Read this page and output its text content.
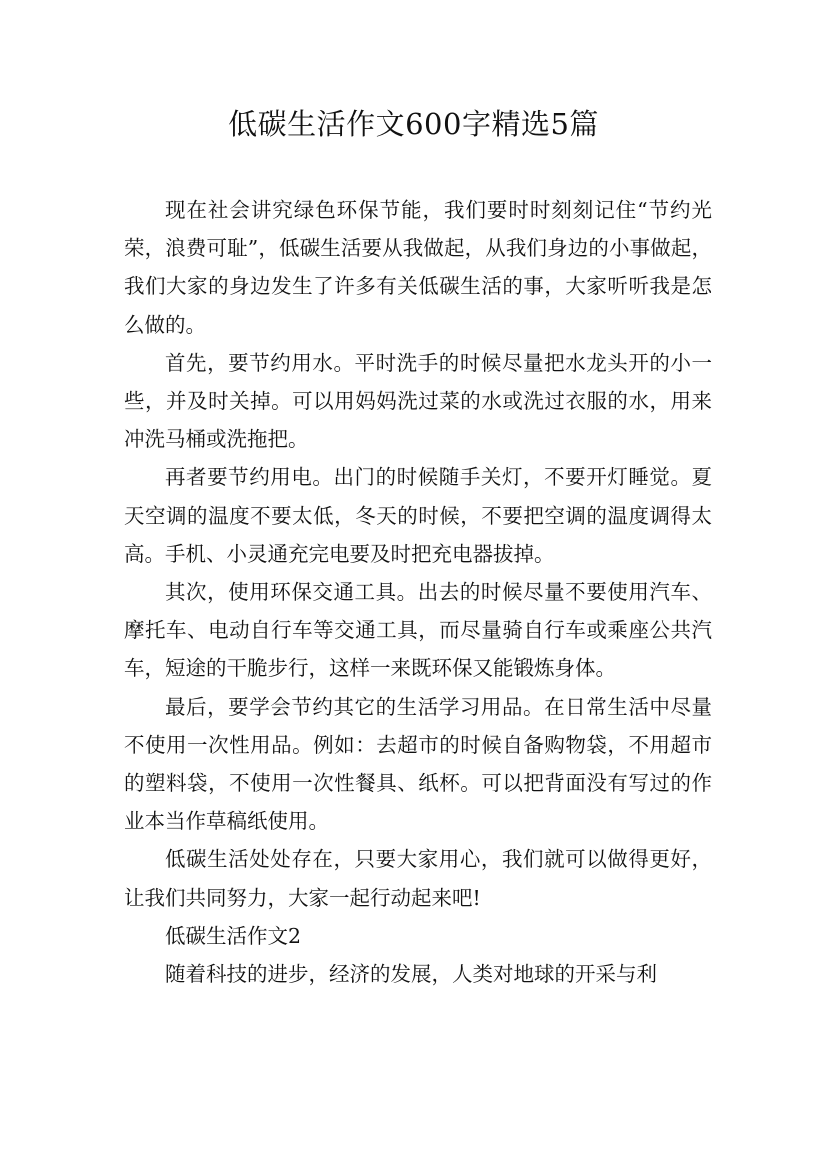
低碳生活作文600字精选5篇

现在社会讲究绿色环保节能，我们要时时刻刻记住“节约光荣，浪费可耻”，低碳生活要从我做起，从我们身边的小事做起，我们大家的身边发生了许多有关低碳生活的事，大家听听我是怎么做的。

首先，要节约用水。平时洗手的时候尽量把水龙头开的小一些，并及时关掉。可以用妈妈洗过菜的水或洗过衣服的水，用来冲洗马桶或洗拖把。

再者要节约用电。出门的时候随手关灯，不要开灯睡觉。夏天空调的温度不要太低，冬天的时候，不要把空调的温度调得太高。手机、小灵通充完电要及时把充电器拔掉。

其次，使用环保交通工具。出去的时候尽量不要使用汽车、摩托车、电动自行车等交通工具，而尽量骑自行车或乘座公共汽车，短途的干脆步行，这样一来既环保又能锻炼身体。

最后，要学会节约其它的生活学习用品。在日常生活中尽量不使用一次性用品。例如：去超市的时候自备购物袋，不用超市的塑料袋，不使用一次性餐具、纸杯。可以把背面没有写过的作业本当作草稿纸使用。

低碳生活处处存在，只要大家用心，我们就可以做得更好，让我们共同努力，大家一起行动起来吧!

低碳生活作文2

随着科技的进步，经济的发展，人类对地球的开采与利
